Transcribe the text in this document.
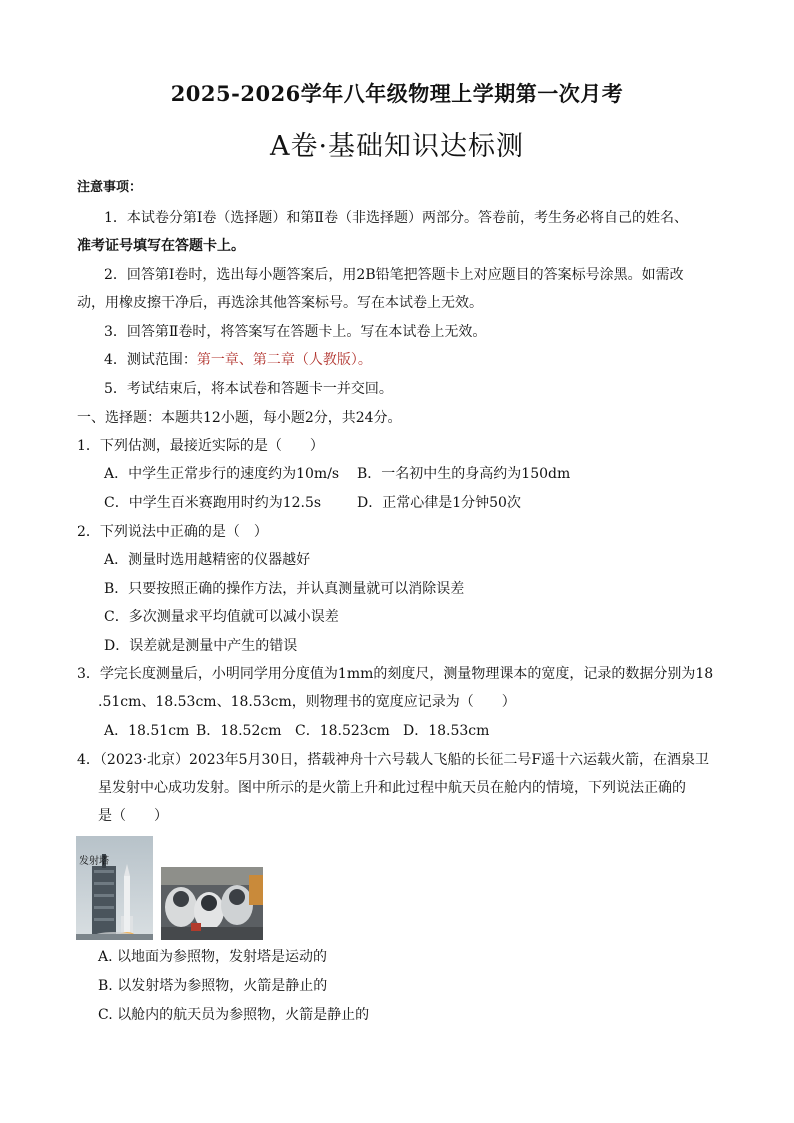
2025-2026学年八年级物理上学期第一次月考
A卷·基础知识达标测
注意事项：
1．本试卷分第Ⅰ卷（选择题）和第Ⅱ卷（非选择题）两部分。答卷前，考生务必将自己的姓名、
准考证号填写在答题卡上。
2．回答第Ⅰ卷时，选出每小题答案后，用2B铅笔把答题卡上对应题目的答案标号涂黑。如需改
动，用橡皮擦干净后，再选涂其他答案标号。写在本试卷上无效。
3．回答第Ⅱ卷时，将答案写在答题卡上。写在本试卷上无效。
4．测试范围：第一章、第二章（人教版）。
5．考试结束后，将本试卷和答题卡一并交回。
一、选择题：本题共12小题，每小题2分，共24分。
1．下列估测，最接近实际的是（　　）
A．中学生正常步行的速度约为10m/s B．一名初中生的身高约为150dm
C．中学生百米赛跑用时约为12.5s	D．正常心律是1分钟50次
2．下列说法中正确的是（　）
A．测量时选用越精密的仪器越好
B．只要按照正确的操作方法，并认真测量就可以消除误差
C．多次测量求平均值就可以减小误差
D．误差就是测量中产生的错误
3．学完长度测量后，小明同学用分度值为1mm的刻度尺，测量物理课本的宽度，记录的数据分别为18
.51cm、18.53cm、18.53cm，则物理书的宽度应记录为（　　）
A．18.51cm B．18.52cm C．18.523cm D．18.53cm
4．（2023·北京）2023年5月30日，搭载神舟十六号载人飞船的长征二号F遥十六运载火箭，在酒泉卫
星发射中心成功发射。图中所示的是火箭上升和此过程中航天员在舱内的情境，下列说法正确的
是（　　）
发射塔
A. 以地面为参照物，发射塔是运动的
B. 以发射塔为参照物，火箭是静止的
C. 以舱内的航天员为参照物，火箭是静止的
